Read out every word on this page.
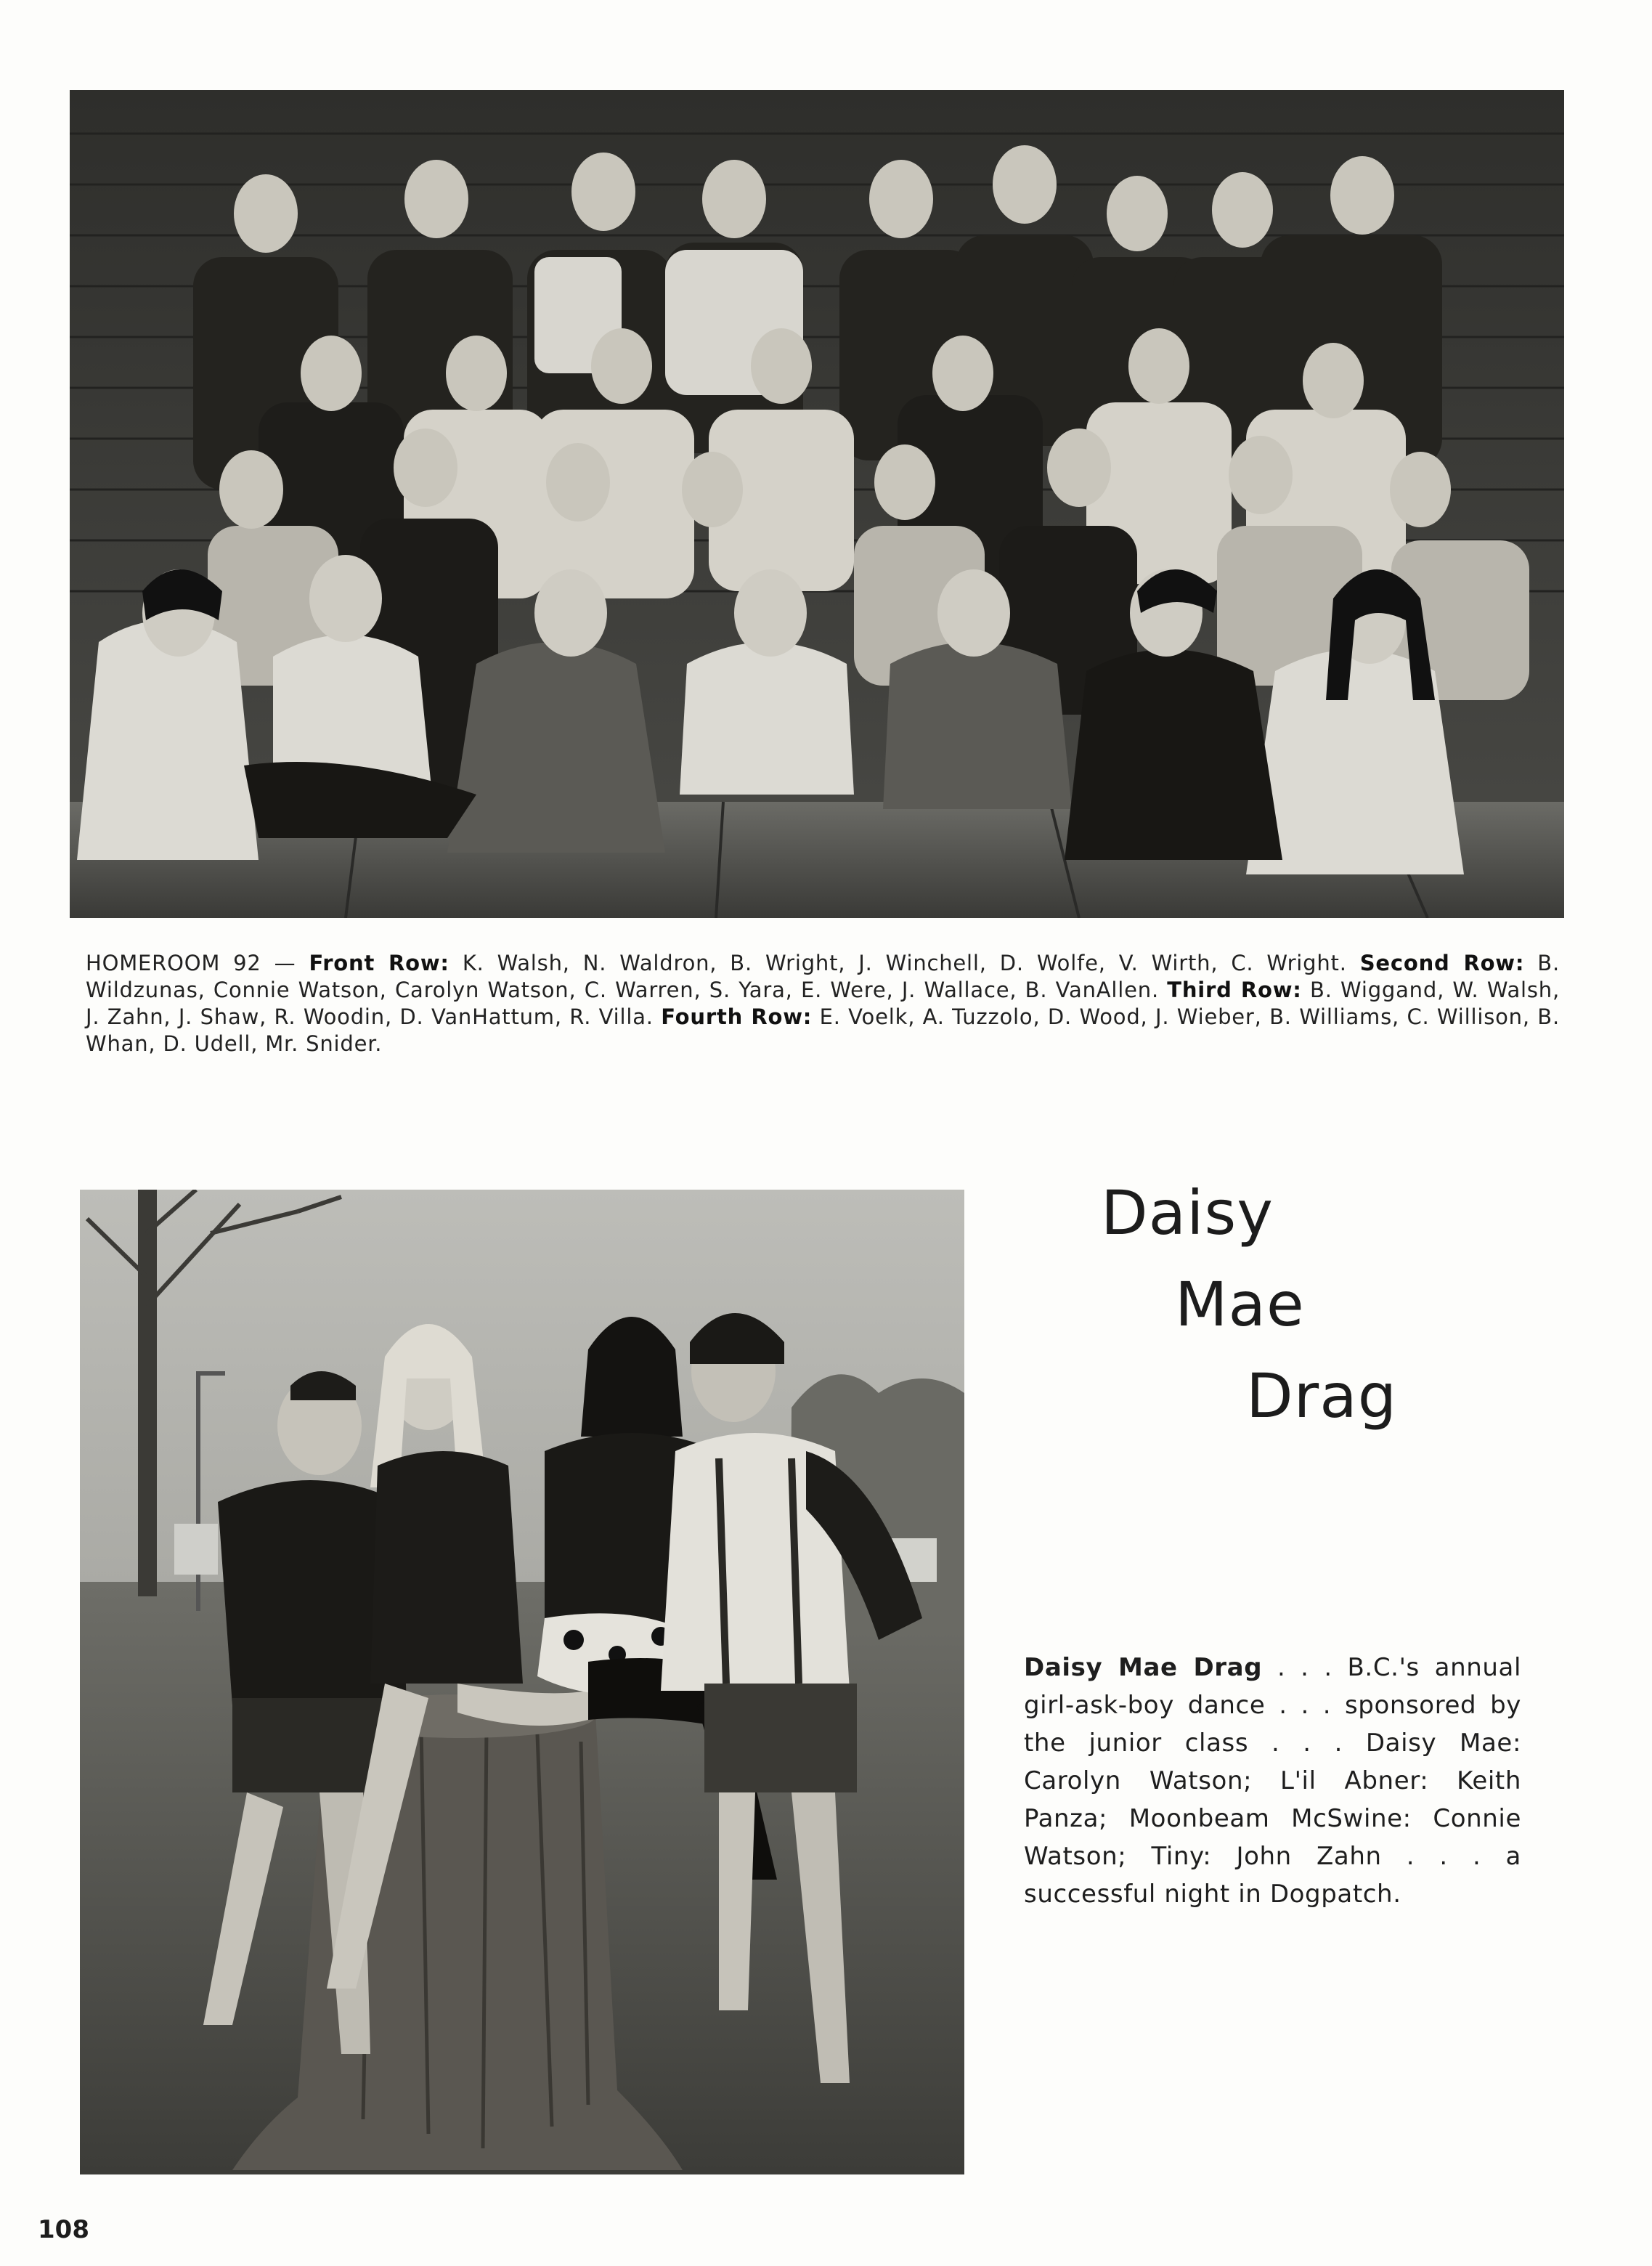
HOMEROOM 92 — Front Row: K. Walsh, N. Waldron, B. Wright, J. Winchell, D. Wolfe, V. Wirth, C. Wright. Second Row: B. Wildzunas, Connie Watson, Carolyn Watson, C. Warren, S. Yara, E. Were, J. Wallace, B. VanAllen. Third Row: B. Wiggand, W. Walsh, J. Zahn, J. Shaw, R. Woodin, D. VanHattum, R. Villa. Fourth Row: E. Voelk, A. Tuzzolo, D. Wood, J. Wieber, B. Williams, C. Willison, B. Whan, D. Udell, Mr. Snider.
Daisy
Mae
Drag
Daisy Mae Drag . . . B.C.'s annual girl-ask-boy dance . . . sponsored by the junior class . . . Daisy Mae: Carolyn Watson; L'il Abner: Keith Panza; Moonbeam McSwine: Connie Watson; Tiny: John Zahn . . . a successful night in Dogpatch.
108
